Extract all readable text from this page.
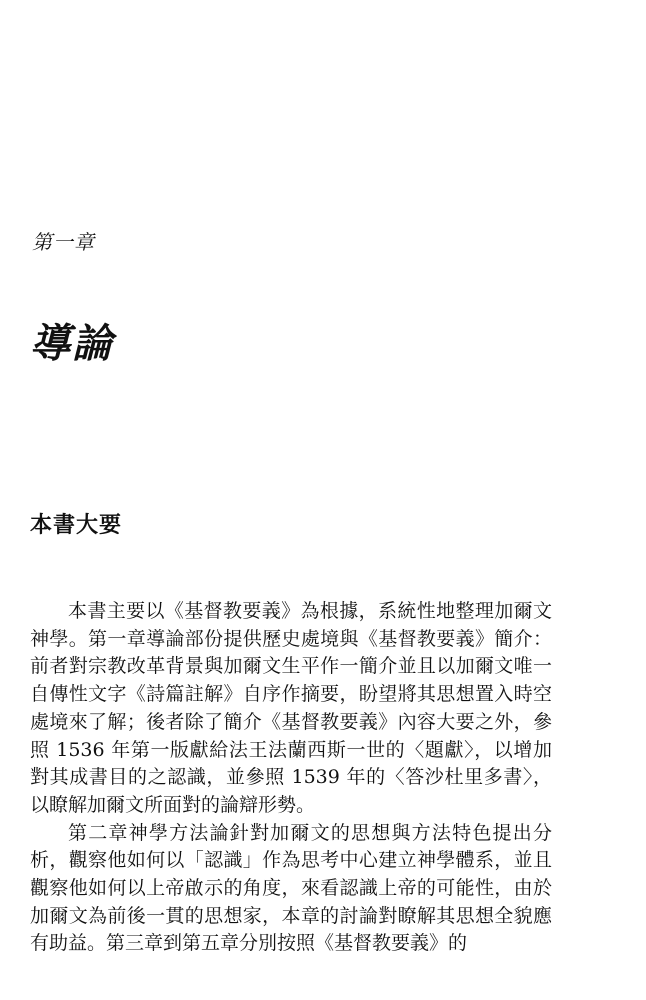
第一章
導論
本書大要

本書主要以《基督教要義》為根據，系統性地整理加爾文神學。第一章導論部份提供歷史處境與《基督教要義》簡介：前者對宗教改革背景與加爾文生平作一簡介並且以加爾文唯一自傳性文字《詩篇註解》自序作摘要，盼望將其思想置入時空處境來了解；後者除了簡介《基督教要義》內容大要之外，參照 1536 年第一版獻給法王法蘭西斯一世的〈題獻〉，以增加對其成書目的之認識，並參照 1539 年的〈答沙杜里多書〉，以瞭解加爾文所面對的論辯形勢。

第二章神學方法論針對加爾文的思想與方法特色提出分析，觀察他如何以「認識」作為思考中心建立神學體系，並且觀察他如何以上帝啟示的角度，來看認識上帝的可能性，由於加爾文為前後一貫的思想家，本章的討論對瞭解其思想全貌應有助益。第三章到第五章分別按照《基督教要義》的
